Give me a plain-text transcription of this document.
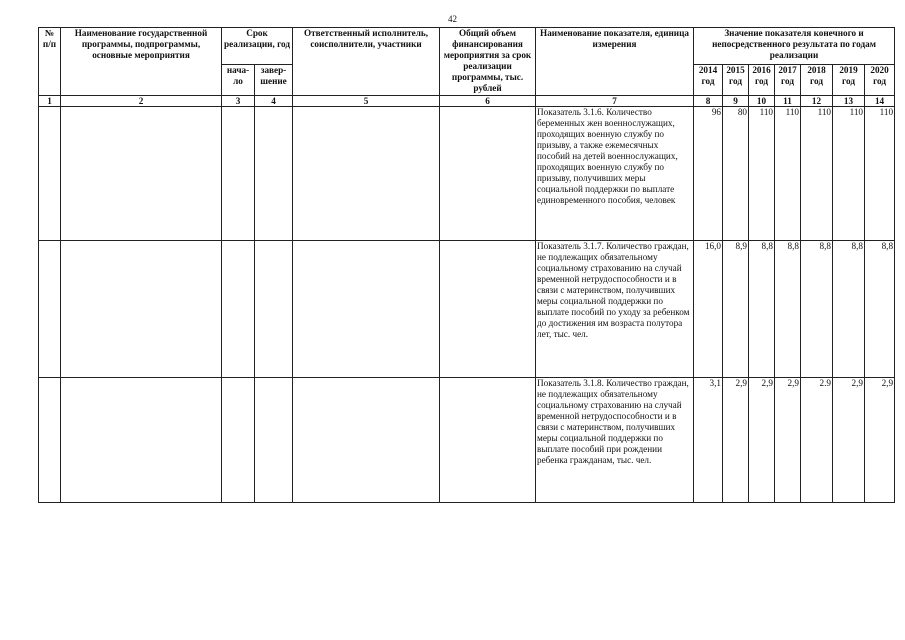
42
№ п/п	Наименование государственной программы, подпрограммы, основные мероприятия	Срок реализации, год		Ответственный исполнитель, соисполнители, участники	Общий объем финансирования мероприятия за срок реализации программы, тыс. рублей	Наименование показателя, единица измерения	Значение показателя конечного и непосредственного результата по годам реализации						
		нача-ло	завер-шение				2014 год	2015 год	2016 год	2017 год	2018 год	2019 год	2020 год
1	2	3	4	5	6	7	8	9	10	11	12	13	14
						Показатель 3.1.6. Количество беременных жен военнослужащих, проходящих военную службу по призыву, а также ежемесячных пособий на детей военнослужащих, проходящих военную службу по призыву, получивших меры социальной поддержки по выплате единовременного пособия, человек	96	80	110	110	110	110	110
						Показатель 3.1.7. Количество граждан, не подлежащих обязательному социальному страхованию на случай временной нетрудоспособности и в связи с материнством, получивших меры социальной поддержки по выплате пособий по уходу за ребенком до достижения им возраста полутора лет, тыс. чел.	16,0	8,9	8,8	8,8	8,8	8,8	8,8
						Показатель 3.1.8. Количество граждан, не подлежащих обязательному социальному страхованию на случай временной нетрудоспособности и в связи с материнством, получивших меры социальной поддержки по выплате пособий при рождении ребенка гражданам, тыс. чел.	3,1	2,9	2,9	2,9	2.9	2,9	2,9
